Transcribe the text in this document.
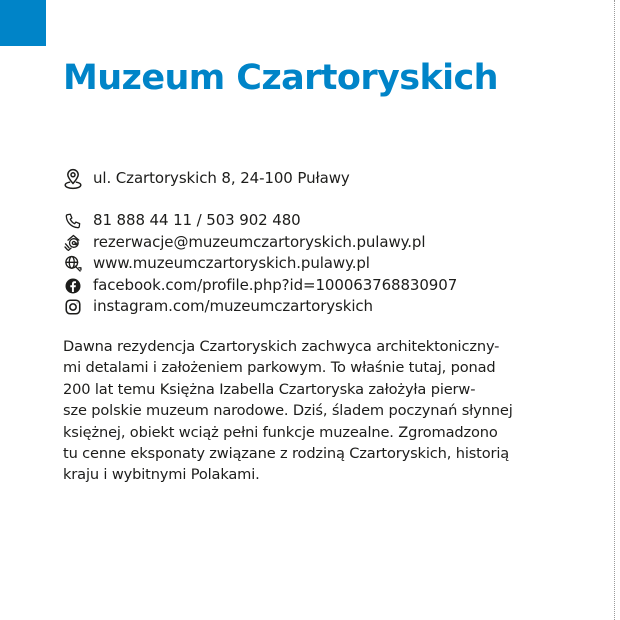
Muzeum Czartoryskich
ul. Czartoryskich 8, 24-100 Puławy
81 888 44 11 / 503 902 480
rezerwacje@muzeumczartoryskich.pulawy.pl
www.muzeumczartoryskich.pulawy.pl
facebook.com/profile.php?id=100063768830907
instagram.com/muzeumczartoryskich

Dawna rezydencja Czartoryskich zachwyca architektoniczny-
mi detalami i założeniem parkowym. To właśnie tutaj, ponad
200 lat temu Księżna Izabella Czartoryska założyła pierw-
sze polskie muzeum narodowe. Dziś, śladem poczynań słynnej
księżnej, obiekt wciąż pełni funkcje muzealne. Zgromadzono
tu cenne eksponaty związane z rodziną Czartoryskich, historią
kraju i wybitnymi Polakami.
